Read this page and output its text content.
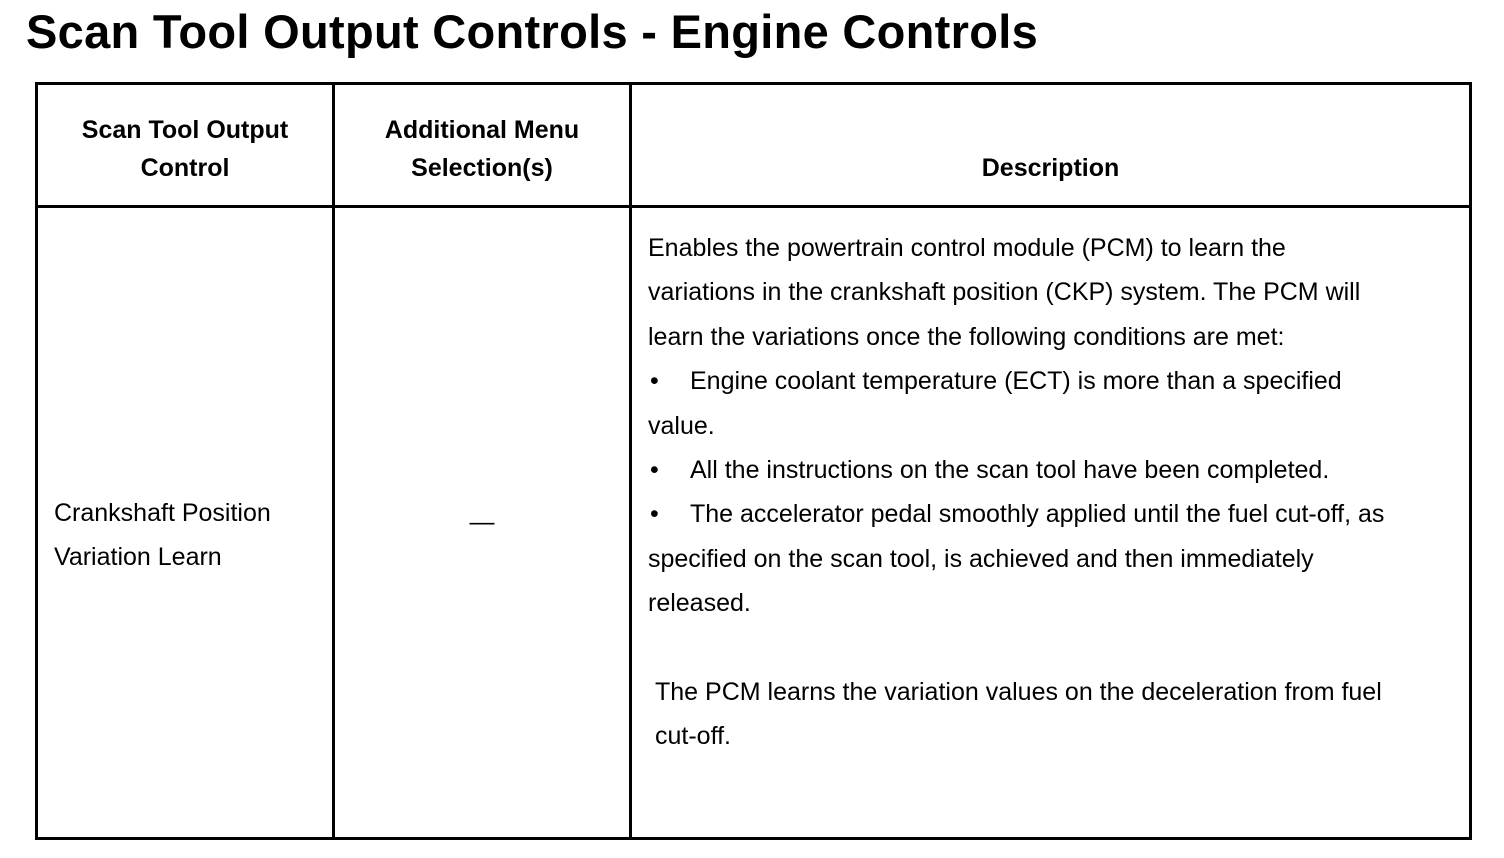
Scan Tool Output Controls - Engine Controls
Scan Tool Output Control	Additional Menu Selection(s)	Description

Crankshaft Position Variation Learn	—	Enables the powertrain control module (PCM) to learn the variations in the crankshaft position (CKP) system. The PCM will learn the variations once the following conditions are met:
• Engine coolant temperature (ECT) is more than a specified value.
• All the instructions on the scan tool have been completed.
• The accelerator pedal smoothly applied until the fuel cut-off, as specified on the scan tool, is achieved and then immediately released.
The PCM learns the variation values on the deceleration from fuel cut-off.
